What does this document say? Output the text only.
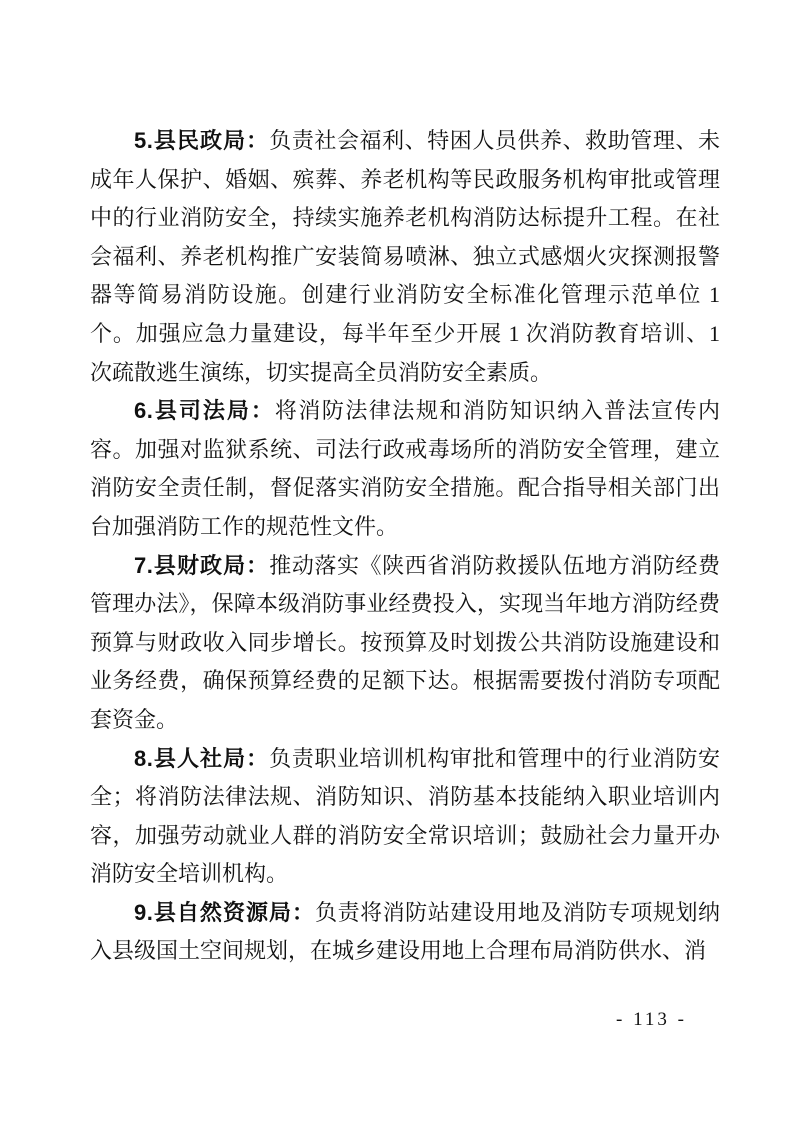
5.县民政局：负责社会福利、特困人员供养、救助管理、未成年人保护、婚姻、殡葬、养老机构等民政服务机构审批或管理中的行业消防安全，持续实施养老机构消防达标提升工程。在社会福利、养老机构推广安装简易喷淋、独立式感烟火灾探测报警器等简易消防设施。创建行业消防安全标准化管理示范单位 1 个。加强应急力量建设，每半年至少开展 1 次消防教育培训、1 次疏散逃生演练，切实提高全员消防安全素质。

6.县司法局：将消防法律法规和消防知识纳入普法宣传内容。加强对监狱系统、司法行政戒毒场所的消防安全管理，建立消防安全责任制，督促落实消防安全措施。配合指导相关部门出台加强消防工作的规范性文件。

7.县财政局：推动落实《陕西省消防救援队伍地方消防经费管理办法》，保障本级消防事业经费投入，实现当年地方消防经费预算与财政收入同步增长。按预算及时划拨公共消防设施建设和业务经费，确保预算经费的足额下达。根据需要拨付消防专项配套资金。

8.县人社局：负责职业培训机构审批和管理中的行业消防安全；将消防法律法规、消防知识、消防基本技能纳入职业培训内容，加强劳动就业人群的消防安全常识培训；鼓励社会力量开办消防安全培训机构。

9.县自然资源局：负责将消防站建设用地及消防专项规划纳入县级国土空间规划，在城乡建设用地上合理布局消防供水、消

- 113 -
